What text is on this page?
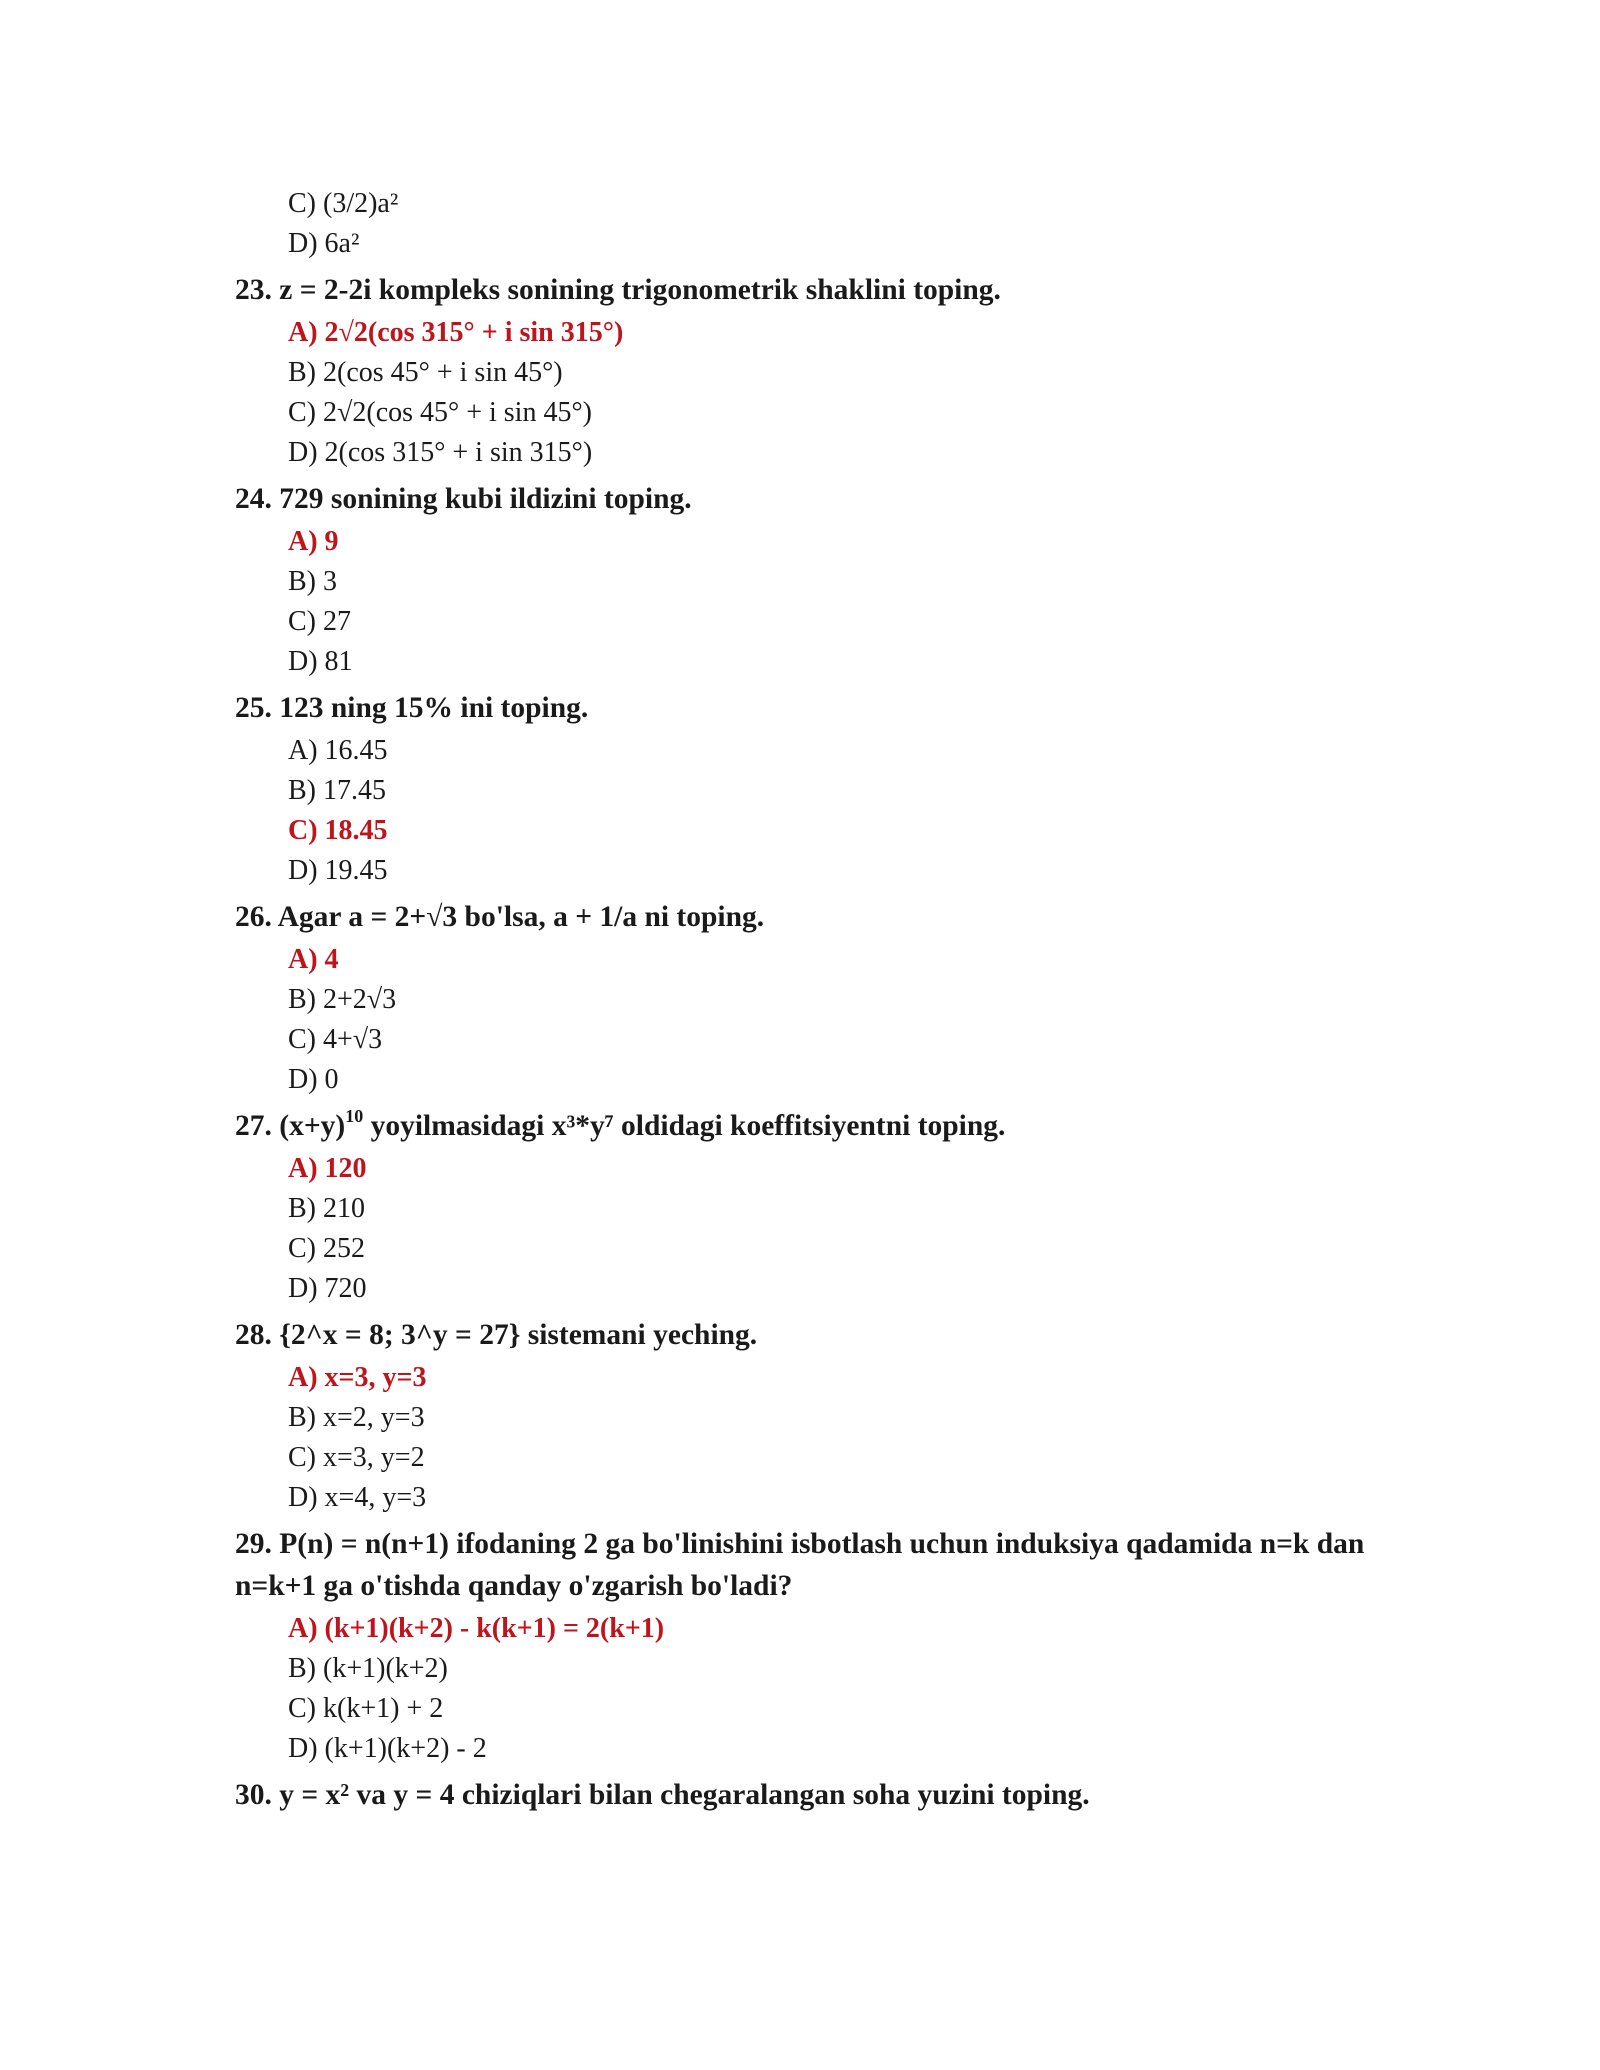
C) (3/2)a²
D) 6a²
23. z = 2-2i kompleks sonining trigonometrik shaklini toping.
A) 2√2(cos 315° + i sin 315°)
B) 2(cos 45° + i sin 45°)
C) 2√2(cos 45° + i sin 45°)
D) 2(cos 315° + i sin 315°)
24. 729 sonining kubi ildizini toping.
A) 9
B) 3
C) 27
D) 81
25. 123 ning 15% ini toping.
A) 16.45
B) 17.45
C) 18.45
D) 19.45
26. Agar a = 2+√3 bo'lsa, a + 1/a ni toping.
A) 4
B) 2+2√3
C) 4+√3
D) 0
27. $(x+y)^{10}$ yoyilmasidagi x³*y⁷ oldidagi koeffitsiyentni toping.
A) 120
B) 210
C) 252
D) 720
28. {2^x = 8; 3^y = 27} sistemani yeching.
A) x=3, y=3
B) x=2, y=3
C) x=3, y=2
D) x=4, y=3
29. P(n) = n(n+1) ifodaning 2 ga bo'linishini isbotlash uchun induksiya qadamida n=k dan n=k+1 ga o'tishda qanday o'zgarish bo'ladi?
A) (k+1)(k+2) - k(k+1) = 2(k+1)
B) (k+1)(k+2)
C) k(k+1) + 2
D) (k+1)(k+2) - 2
30. y = x² va y = 4 chiziqlari bilan chegaralangan soha yuzini toping.
